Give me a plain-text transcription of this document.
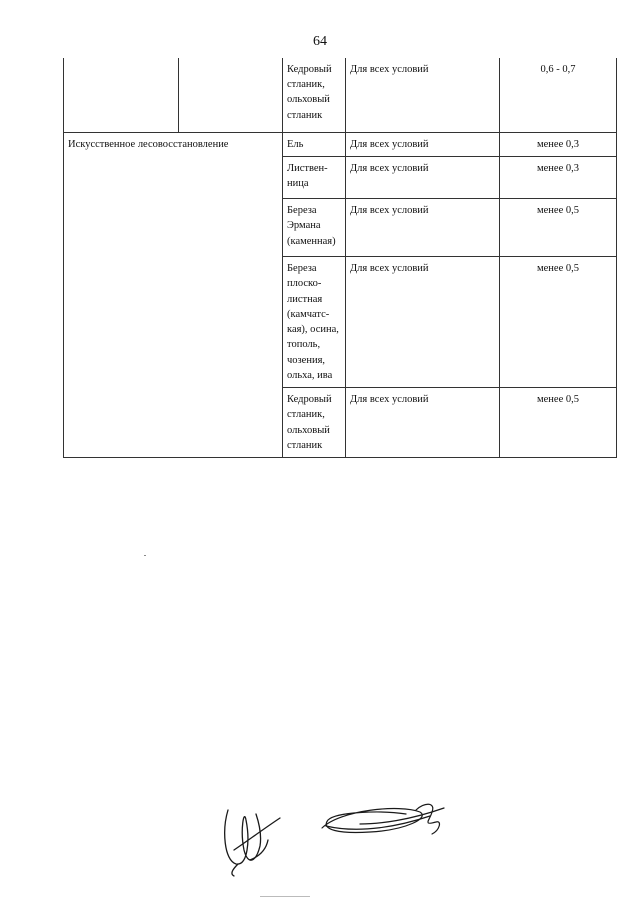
64
		Кедровый стланик, ольховый стланик	Для всех условий	0,6 - 0,7
Искусственное лесовосстановление		Ель	Для всех условий	менее 0,3
		Листвен-ница	Для всех условий	менее 0,3
		Береза Эрмана (каменная)	Для всех условий	менее 0,5
		Береза плоско-листная (камчатс-кая), осина, тополь, чозения, ольха, ива	Для всех условий	менее 0,5
		Кедровый стланик, ольховый стланик	Для всех условий	менее 0,5
